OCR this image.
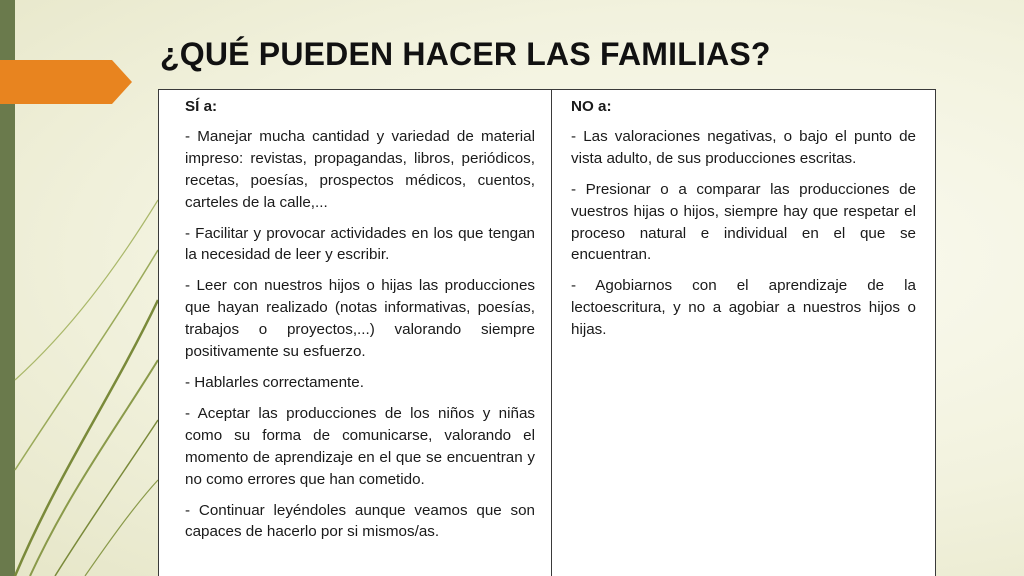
¿QUÉ PUEDEN HACER LAS FAMILIAS?
SÍ a:

- Manejar mucha cantidad y variedad de material impreso: revistas, propagandas, libros, periódicos, recetas, poesías, prospectos médicos, cuentos, carteles de la calle,...

- Facilitar y provocar actividades en los que tengan la necesidad de leer y escribir.

- Leer con nuestros hijos o hijas las producciones que hayan realizado (notas informativas, poesías, trabajos o proyectos,...) valorando siempre positivamente su esfuerzo.

- Hablarles correctamente.

- Aceptar las producciones de los niños y niñas como su forma de comunicarse, valorando el momento de aprendizaje en el que se encuentran y no como errores que han cometido.

- Continuar leyéndoles aunque veamos que son capaces de hacerlo por si mismos/as.

NO a:

- Las valoraciones negativas, o bajo el punto de vista adulto, de sus producciones escritas.

- Presionar o a comparar las producciones de vuestros hijas o hijos, siempre hay que respetar el proceso natural e individual en el que se encuentran.

- Agobiarnos con el aprendizaje de la lectoescritura, y no a agobiar a nuestros hijos o hijas.
